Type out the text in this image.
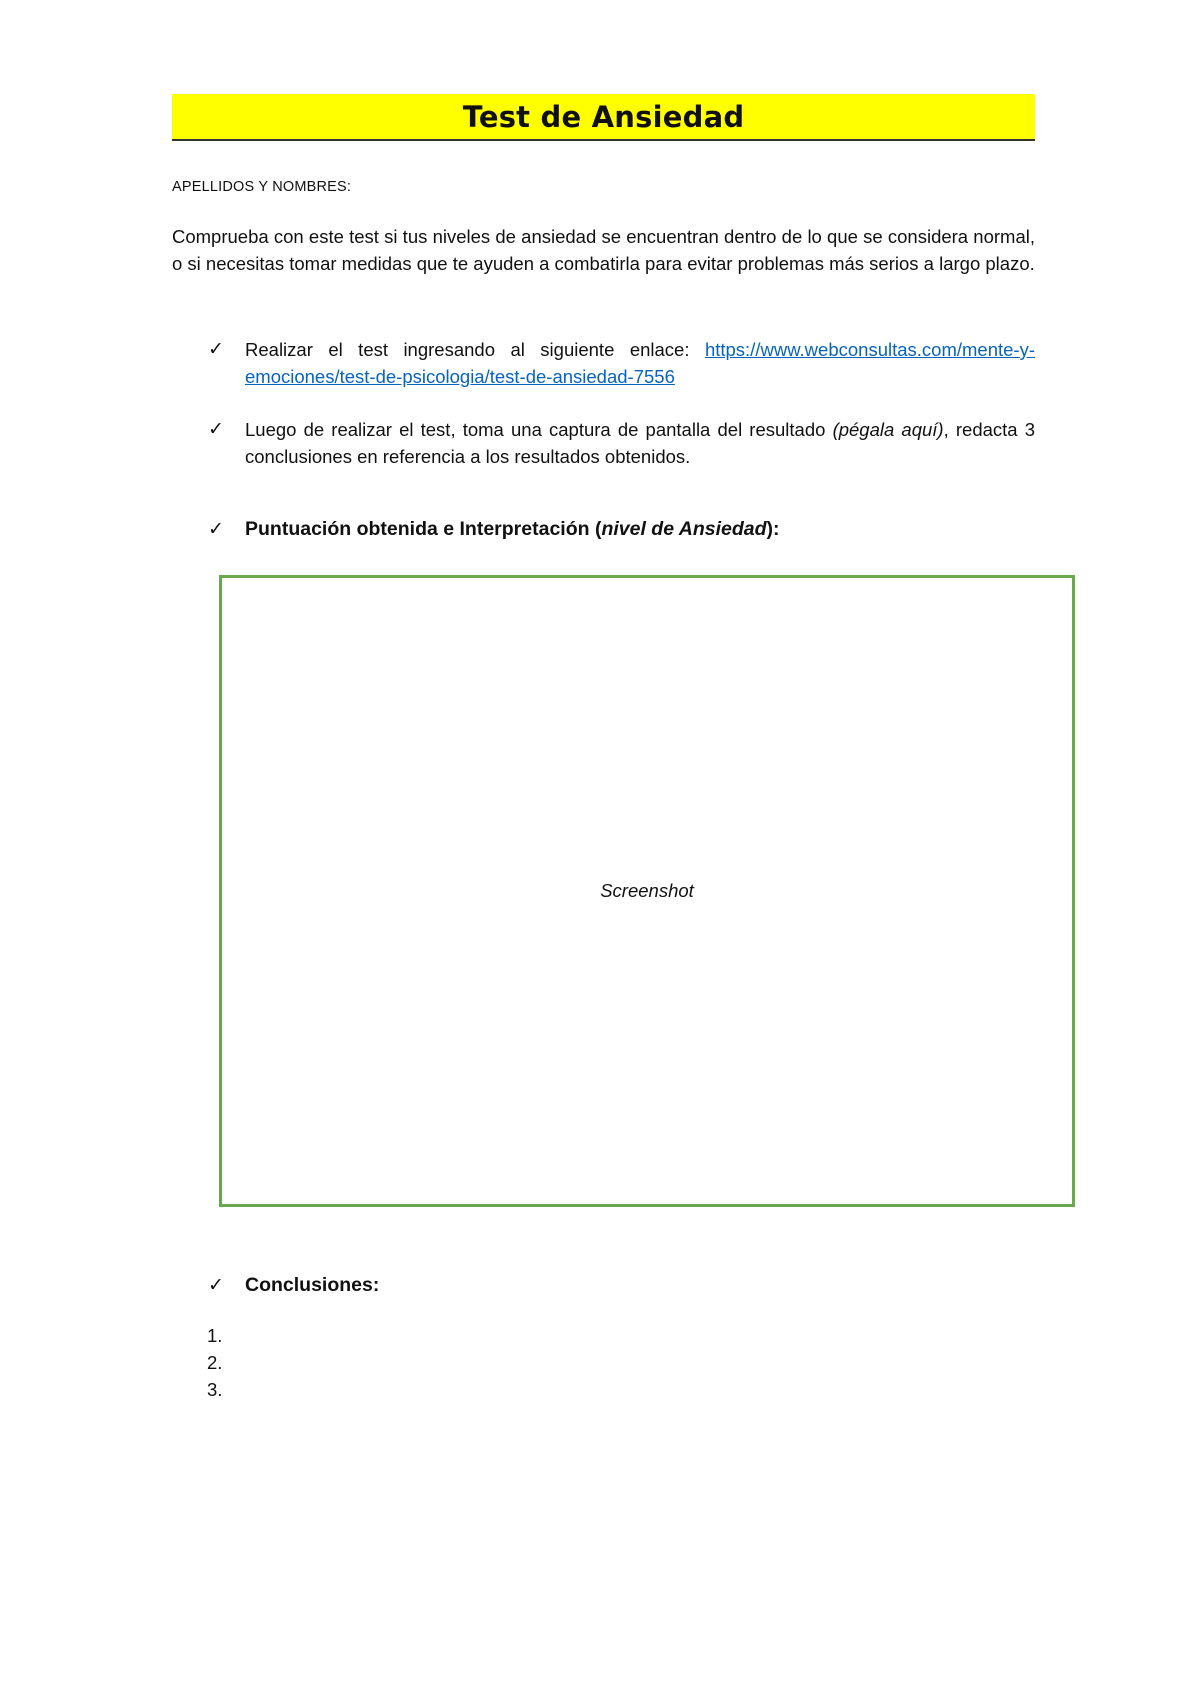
Test de Ansiedad
APELLIDOS Y NOMBRES:

Comprueba con este test si tus niveles de ansiedad se encuentran dentro de lo que se considera normal, o si necesitas tomar medidas que te ayuden a combatirla para evitar problemas más serios a largo plazo.

✓ Realizar el test ingresando al siguiente enlace: https://www.webconsultas.com/mente-y-emociones/test-de-psicologia/test-de-ansiedad-7556

✓ Luego de realizar el test, toma una captura de pantalla del resultado (pégala aquí), redacta 3 conclusiones en referencia a los resultados obtenidos.

✓ Puntuación obtenida e Interpretación (nivel de Ansiedad):

Screenshot
✓ Conclusiones:

1.
2.
3.
